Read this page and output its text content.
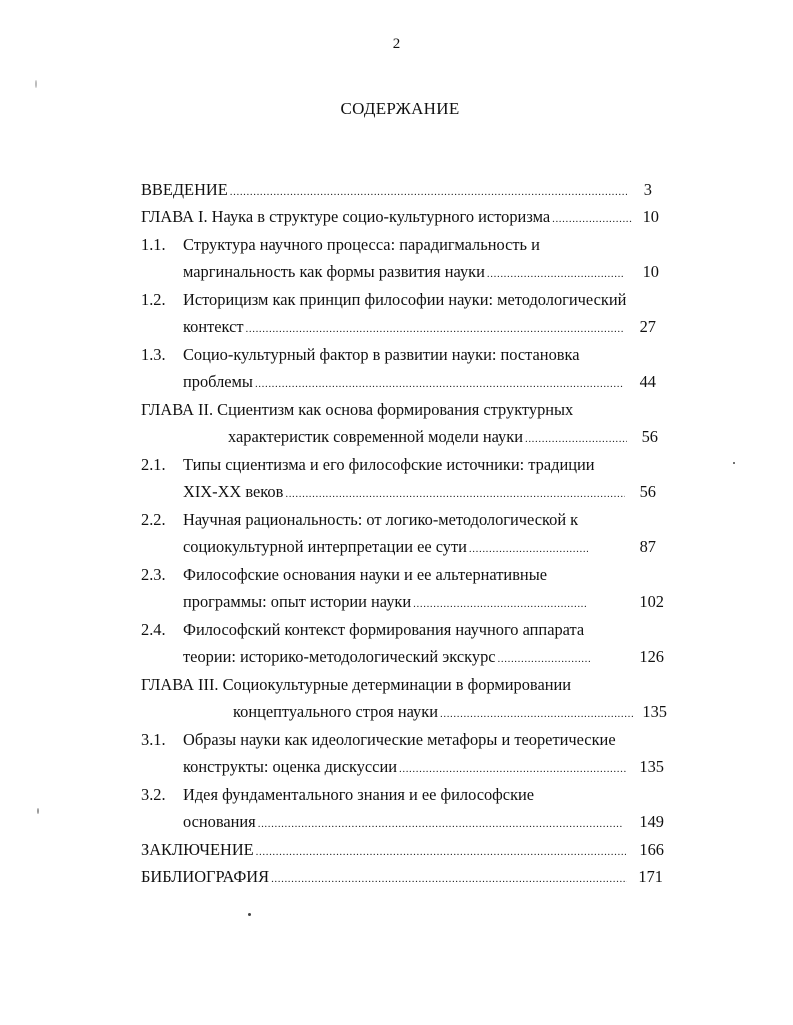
2
СОДЕРЖАНИЕ
ВВЕДЕНИЕ .....	3
ГЛАВА I. Наука в структуре социо-культурного историзма .....	10
1.1. Структура научного процесса: парадигмальность и
маргинальность как формы развития науки .....	10
1.2. Историцизм как принцип философии науки: методологический
контекст .....	27
1.3. Социо-культурный фактор в развитии науки: постановка
проблемы .....	44
ГЛАВА II. Сциентизм как основа формирования структурных
характеристик современной модели науки .....	56
2.1. Типы сциентизма и его философские источники: традиции
XIX-XX веков .....	56
2.2. Научная рациональность: от логико-методологической к
социокультурной интерпретации ее сути .....	87
2.3. Философские основания науки и ее альтернативные
программы: опыт истории науки .....	102
2.4. Философский контекст формирования научного аппарата
теории: историко-методологический экскурс .....	126
ГЛАВА III. Социокультурные детерминации в формировании
концептуального строя науки .....	135
3.1. Образы науки как идеологические метафоры и теоретические
конструкты: оценка дискуссии .....	135
3.2. Идея фундаментального знания и ее философские
основания .....	149
ЗАКЛЮЧЕНИЕ .....	166
БИБЛИОГРАФИЯ .....	171
